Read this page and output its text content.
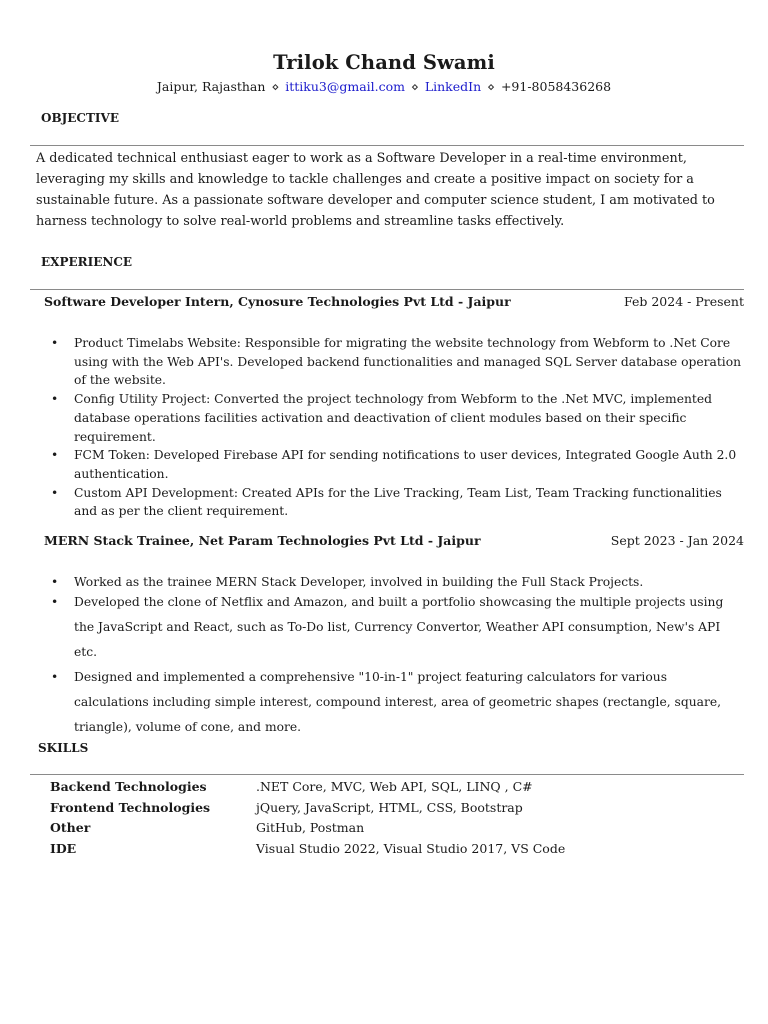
Trilok Chand Swami
Jaipur, Rajasthan ⋄ ittiku3@gmail.com ⋄ LinkedIn ⋄ +91-8058436268
OBJECTIVE
A dedicated technical enthusiast eager to work as a Software Developer in a real-time environment, leveraging my skills and knowledge to tackle challenges and create a positive impact on society for a sustainable future. As a passionate software developer and computer science student, I am motivated to harness technology to solve real-world problems and streamline tasks effectively.
EXPERIENCE
Software Developer Intern, Cynosure Technologies Pvt Ltd - Jaipur	Feb 2024 - Present
• Product Timelabs Website: Responsible for migrating the website technology from Webform to .Net Core using with the Web API's. Developed backend functionalities and managed SQL Server database operation of the website.
• Config Utility Project: Converted the project technology from Webform to the .Net MVC, implemented database operations facilities activation and deactivation of client modules based on their specific requirement.
• FCM Token: Developed Firebase API for sending notifications to user devices, Integrated Google Auth 2.0 authentication.
• Custom API Development: Created APIs for the Live Tracking, Team List, Team Tracking functionalities and as per the client requirement.
MERN Stack Trainee, Net Param Technologies Pvt Ltd - Jaipur	Sept 2023 - Jan 2024
• Worked as the trainee MERN Stack Developer, involved in building the Full Stack Projects.
• Developed the clone of Netflix and Amazon, and built a portfolio showcasing the multiple projects using the JavaScript and React, such as To-Do list, Currency Convertor, Weather API consumption, New's API etc.
• Designed and implemented a comprehensive "10-in-1" project featuring calculators for various calculations including simple interest, compound interest, area of geometric shapes (rectangle, square, triangle), volume of cone, and more.
SKILLS
Backend Technologies	.NET Core, MVC, Web API, SQL, LINQ , C#
Frontend Technologies	jQuery, JavaScript, HTML, CSS, Bootstrap
Other	GitHub, Postman
IDE	Visual Studio 2022, Visual Studio 2017, VS Code
